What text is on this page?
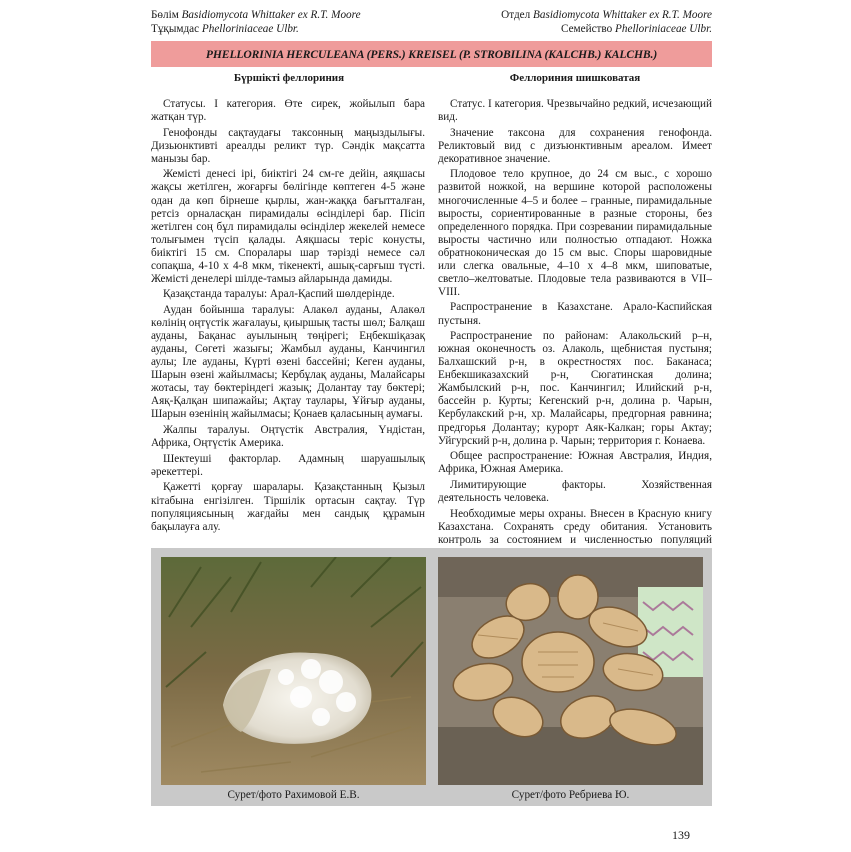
Бөлім Basidiomycota Whittaker ex R.T. Moore
Тұқымдас Phelloriniaceae Ulbr.
Отдел Basidiomycota Whittaker ex R.T. Moore
Семейство Phelloriniaceae Ulbr.
PHELLORINIA HERCULEANA (PERS.) KREISEL (P. STROBILINA (KALCHB.) KALCHB.)
Бүршікті феллориния	Феллориния шишковатая

Статусы. I категория. Өте сирек, жойылып бара жатқан түр.

Генофонды сақтаудағы таксонның маңыздылығы. Дизьюнктивті ареалды реликт түр. Сәндік мақсатта манызы бар.

Жемісті денесі ірі, биіктігі 24 см-ге дейін, аяқшасы жақсы жетілген, жоғарғы бөлігінде көптеген 4-5 және одан да көп бірнеше қырлы, жан-жаққа бағытталған, ретсіз орналасқан пирамидалы өсінділері бар. Пісіп жетілген соң бұл пирамидалы өсінділер жекелей немесе толығымен түсіп қалады. Аяқшасы теріс конусты, биіктігі 15 см. Споралары шар тәрізді немесе сәл сопақша, 4-10 х 4-8 мкм, тікенекті, ашық-сарғыш түсті. Жемісті денелері шілде-тамыз айларында дамиды.

Қазақстанда таралуы: Арал-Қаспий шөлдерінде.

Аудан бойынша таралуы: Алакөл ауданы, Алакөл көлінің оңтүстік жағалауы, қиыршық тасты шөл; Балқаш ауданы, Бақанас ауылының төңірегі; Еңбекшіқазақ ауданы, Сөгеті жазығы; Жамбыл ауданы, Канчингил аулы; Іле ауданы, Күрті өзені бассейні; Кеген ауданы, Шарын өзені жайылмасы; Кербұлақ ауданы, Малайсары жотасы, тау бөктеріндегі жазық; Долантау тау бөктері; Аяқ-Қалқан шипажайы; Ақтау таулары, Ұйғыр ауданы, Шарын өзенінің жайылмасы; Қонаев қаласының аумағы.

Жалпы таралуы. Оңтүстік Австралия, Үндістан, Африка, Оңтүстік Америка.

Шектеуші факторлар. Адамның шаруашылық әрекеттері.

Қажетті қорғау шаралары. Қазақстанның Қызыл кітабына енгізілген. Тіршілік ортасын сақтау. Түр популяциясының жағдайы мен сандық құрамын бақылауға алу.

Статус. I категория. Чрезвычайно редкий, исчезающий вид.

Значение таксона для сохранения генофонда. Реликтовый вид с дизъюнктивным ареалом. Имеет декоративное значение.

Плодовое тело крупное, до 24 см выс., с хорошо развитой ножкой, на вершине которой расположены многочисленные 4–5 и более – гранные, пирамидальные выросты, сориентированные в разные стороны, без определенного порядка. При созревании пирамидальные выросты частично или полностью отпадают. Ножка обратноконическая до 15 см выс. Споры шаровидные или слегка овальные, 4–10 х 4–8 мкм, шиповатые, светло–желтоватые. Плодовые тела развиваются в VII– VIII.

Распространение в Казахстане. Арало-Каспийская пустыня.

Распространение по районам: Алакольский р–н, южная оконечность оз. Алаколь, щебнистая пустыня; Балхашский р-н, в окрестностях пос. Баканаса; Енбекшиказахский р-н, Сюгатинская долина; Жамбылский р-н, пос. Канчингил; Илийский р-н, бассейн р. Курты; Кегенский р-н, долина р. Чарын, Кербулакский р-н, хр. Малайсары, предгорная равнина; предгорья Долантау; курорт Аяк-Калкан; горы Актау; Уйгурский р-н, долина р. Чарын; территория г. Конаева.

Общее распространение: Южная Австралия, Индия, Африка, Южная Америка.

Лимитирующие факторы. Хозяйственная деятельность человека.

Необходимые меры охраны. Внесен в Красную книгу Казахстана. Сохранять среду обитания. Установить контроль за состоянием и численностью популяций

Сурет/фото Рахимовой Е.В.	Сурет/фото Ребриева Ю.
139
